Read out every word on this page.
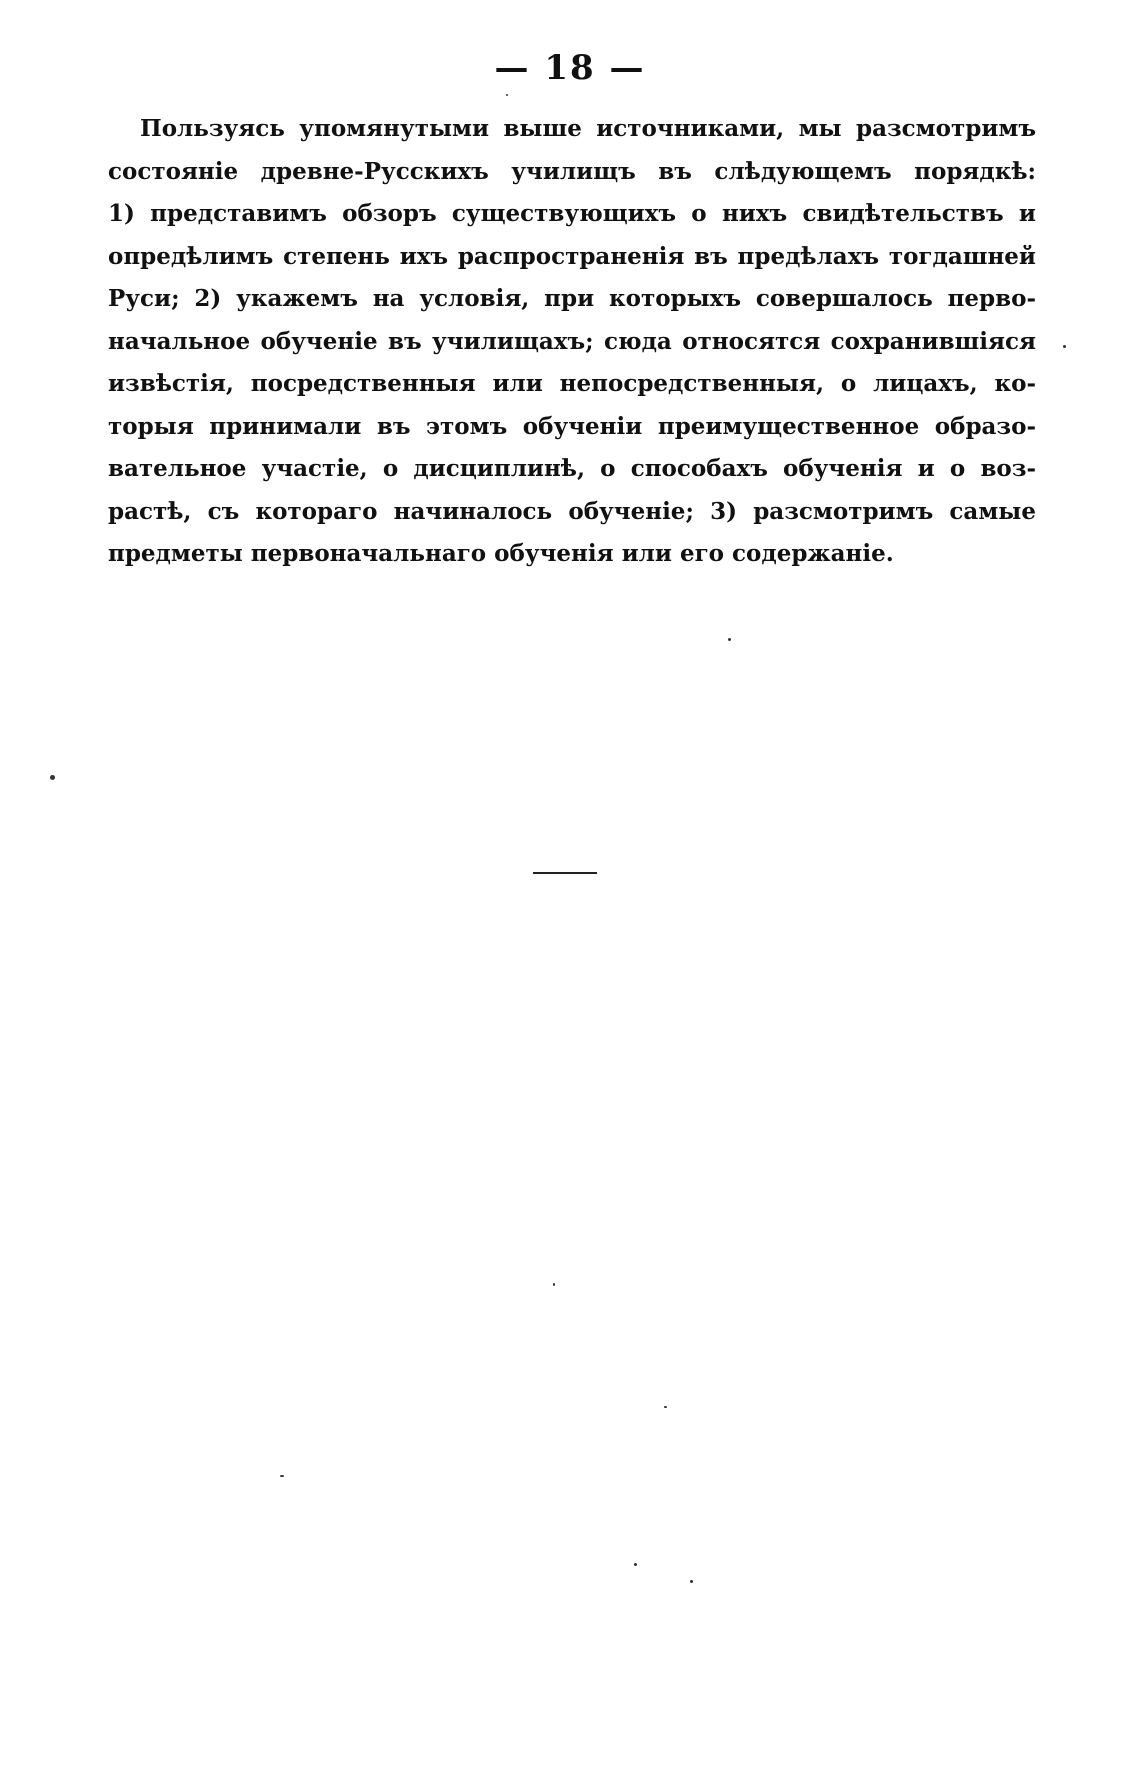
— 18 —
Пользуясь упомянутыми выше источниками, мы разсмотримъ
состоянiе древне-Русскихъ училищъ въ слѣдующемъ порядкѣ:
1) представимъ обзоръ существующихъ о нихъ свидѣтельствъ и
опредѣлимъ степень ихъ распространенiя въ предѣлахъ тогдашней
Руси; 2) укажемъ на условiя, при которыхъ совершалось перво-
начальное обученiе въ училищахъ; сюда относятся сохранившiяся
извѣстiя, посредственныя или непосредственныя, о лицахъ, ко-
торыя принимали въ этомъ обученiи преимущественное образо-
вательное участiе, о дисциплинѣ, о способахъ обученiя и о воз-
растѣ, съ котораго начиналось обученiе; 3) разсмотримъ самые
предметы первоначальнаго обученiя или его содержанiе.
